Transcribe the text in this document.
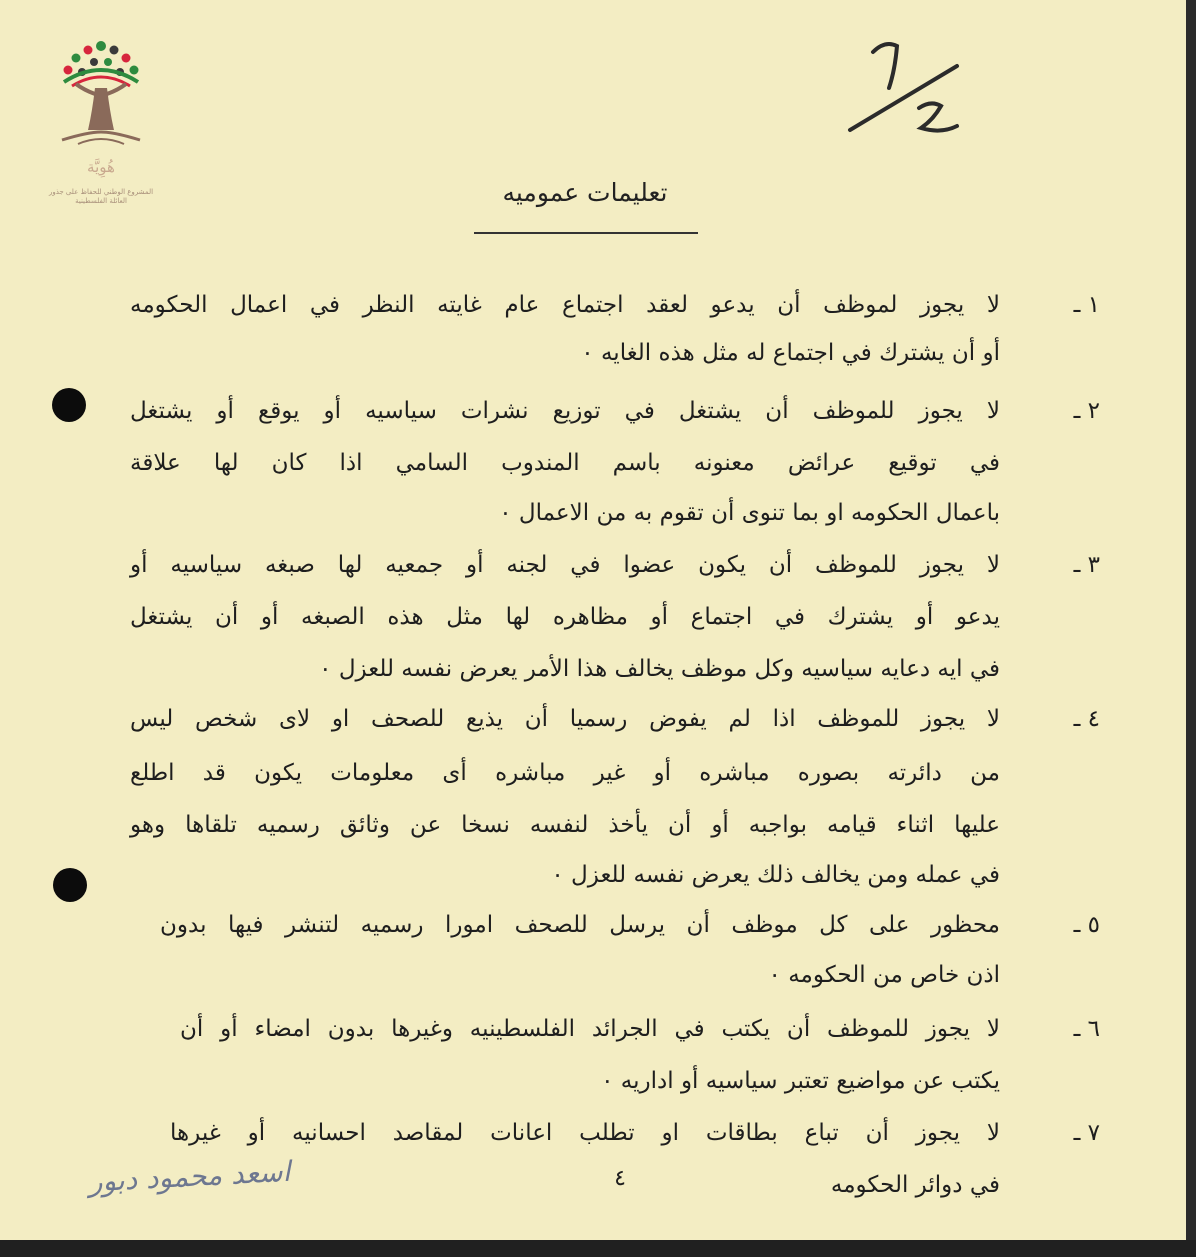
هُوِيَّة
المشروع الوطني للحفاظ على جذور العائلة الفلسطينية	تعليمات عموميه
١ ـ
لا يجوز لموظف أن يدعو لعقد اجتماع عام غايته النظر في اعمال الحكومه
أو أن يشترك في اجتماع له مثل هذه الغايه ٠
٢ ـ
لا يجوز للموظف أن يشتغل في توزيع نشرات سياسيه أو يوقع أو يشتغل
في توقيع عرائض معنونه باسم المندوب السامي اذا كان لها علاقة
باعمال الحكومه او بما تنوى أن تقوم به من الاعمال ٠
٣ ـ
لا يجوز للموظف أن يكون عضوا في لجنه أو جمعيه لها صبغه سياسيه أو
يدعو أو يشترك في اجتماع أو مظاهره لها مثل هذه الصبغه أو أن يشتغل
في ايه دعايه سياسيه وكل موظف يخالف هذا الأمر يعرض نفسه للعزل ٠
٤ ـ
لا يجوز للموظف اذا لم يفوض رسميا أن يذيع للصحف او لاى شخص ليس
من دائرته بصوره مباشره أو غير مباشره أى معلومات يكون قد اطلع
عليها اثناء قيامه بواجبه أو أن يأخذ لنفسه نسخا عن وثائق رسميه تلقاها وهو
في عمله ومن يخالف ذلك يعرض نفسه للعزل ٠
٥ ـ
محظور على كل موظف أن يرسل للصحف امورا رسميه لتنشر فيها بدون
اذن خاص من الحكومه ٠
٦ ـ
لا يجوز للموظف أن يكتب في الجرائد الفلسطينيه وغيرها بدون امضاء أو أن
يكتب عن مواضيع تعتبر سياسيه أو اداريه ٠
٧ ـ
لا يجوز أن تباع بطاقات او تطلب اعانات لمقاصد احسانيه أو غيرها
في دوائر الحكومه
٤
اسعد محمود دبور
